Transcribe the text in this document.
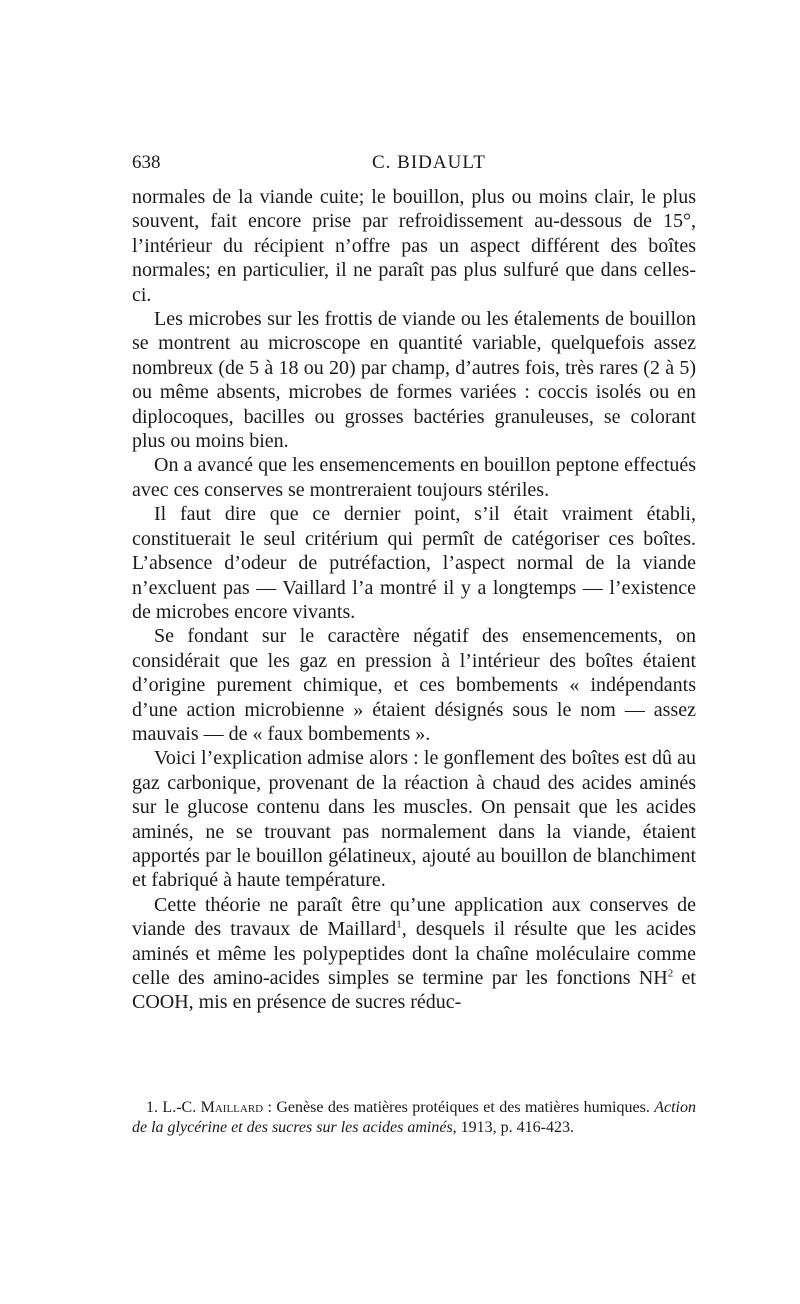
638	C. BIDAULT

normales de la viande cuite; le bouillon, plus ou moins clair, le plus souvent, fait encore prise par refroidissement au-dessous de 15°, l’intérieur du récipient n’offre pas un aspect différent des boîtes normales; en particulier, il ne paraît pas plus sulfuré que dans celles-ci.

Les microbes sur les frottis de viande ou les étalements de bouillon se montrent au microscope en quantité variable, quelquefois assez nombreux (de 5 à 18 ou 20) par champ, d’autres fois, très rares (2 à 5) ou même absents, microbes de formes variées : coccis isolés ou en diplocoques, bacilles ou grosses bactéries granuleuses, se colorant plus ou moins bien.

On a avancé que les ensemencements en bouillon peptone effectués avec ces conserves se montreraient toujours stériles.

Il faut dire que ce dernier point, s’il était vraiment établi, constituerait le seul critérium qui permît de catégoriser ces boîtes. L’absence d’odeur de putréfaction, l’aspect normal de la viande n’excluent pas — Vaillard l’a montré il y a longtemps — l’existence de microbes encore vivants.

Se fondant sur le caractère négatif des ensemencements, on considérait que les gaz en pression à l’intérieur des boîtes étaient d’origine purement chimique, et ces bombements « indépendants d’une action microbienne » étaient désignés sous le nom — assez mauvais — de « faux bombements ».

Voici l’explication admise alors : le gonflement des boîtes est dû au gaz carbonique, provenant de la réaction à chaud des acides aminés sur le glucose contenu dans les muscles. On pensait que les acides aminés, ne se trouvant pas normalement dans la viande, étaient apportés par le bouillon gélatineux, ajouté au bouillon de blanchiment et fabriqué à haute température.

Cette théorie ne paraît être qu’une application aux conserves de viande des travaux de Maillard$^1$, desquels il résulte que les acides aminés et même les polypeptides dont la chaîne moléculaire comme celle des amino-acides simples se termine par les fonctions $NH^2$ et COOH, mis en présence de sucres réduc-

1. L.-C. Maillard : Genèse des matières protéiques et des matières humiques. Action de la glycérine et des sucres sur les acides aminés, 1913, p. 416-423.
